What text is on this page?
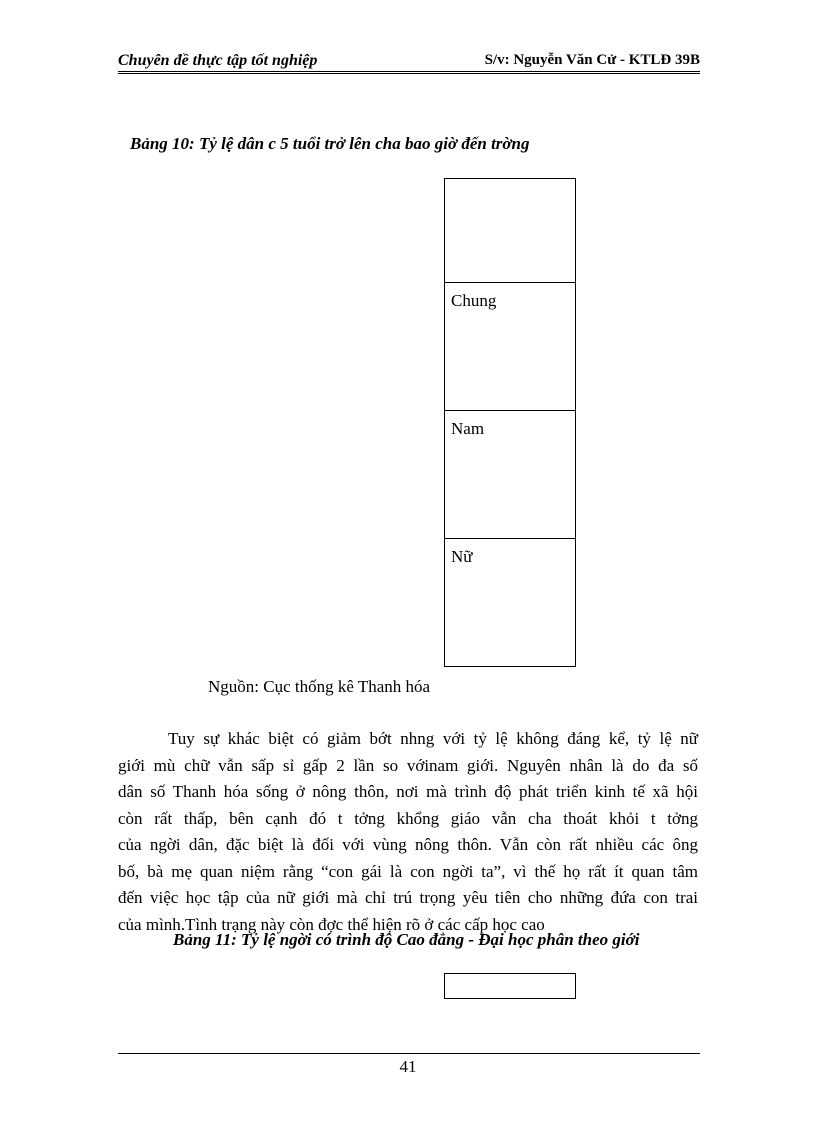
Chuyên đề thực tập tốt nghiệp	S/v: Nguyễn Văn Cử - KTLĐ 39B
Bảng 10: Tỷ lệ dân c 5 tuổi trở lên cha bao giờ đến trờng

Chung
Nam
Nữ
Nguồn: Cục thống kê Thanh hóa
Tuy sự khác biệt có giảm bớt nhng với tỷ lệ không đáng kể, tỷ lệ nữ
giới mù chữ vẫn sấp sỉ gấp 2 lần so vớinam giới. Nguyên nhân là do đa số
dân số Thanh hóa sống ở nông thôn, nơi mà trình độ phát triển kinh tế xã hội
còn rất thấp, bên cạnh đó t tởng khổng giáo vẫn cha thoát khỏi t tởng
của ngời dân, đặc biệt là đối với vùng nông thôn. Vẫn còn rất nhiều các ông
bố, bà mẹ quan niệm rằng “con gái là con ngời ta”, vì thế họ rất ít quan tâm
đến việc học tập của nữ giới mà chỉ trú trọng yêu tiên cho những đứa con trai
của mình.Tình trạng này còn đợc thể hiện rõ ở các cấp học cao
Bảng 11: Tỷ lệ ngời có trình độ Cao đẳng - Đại học phân theo giới
41
